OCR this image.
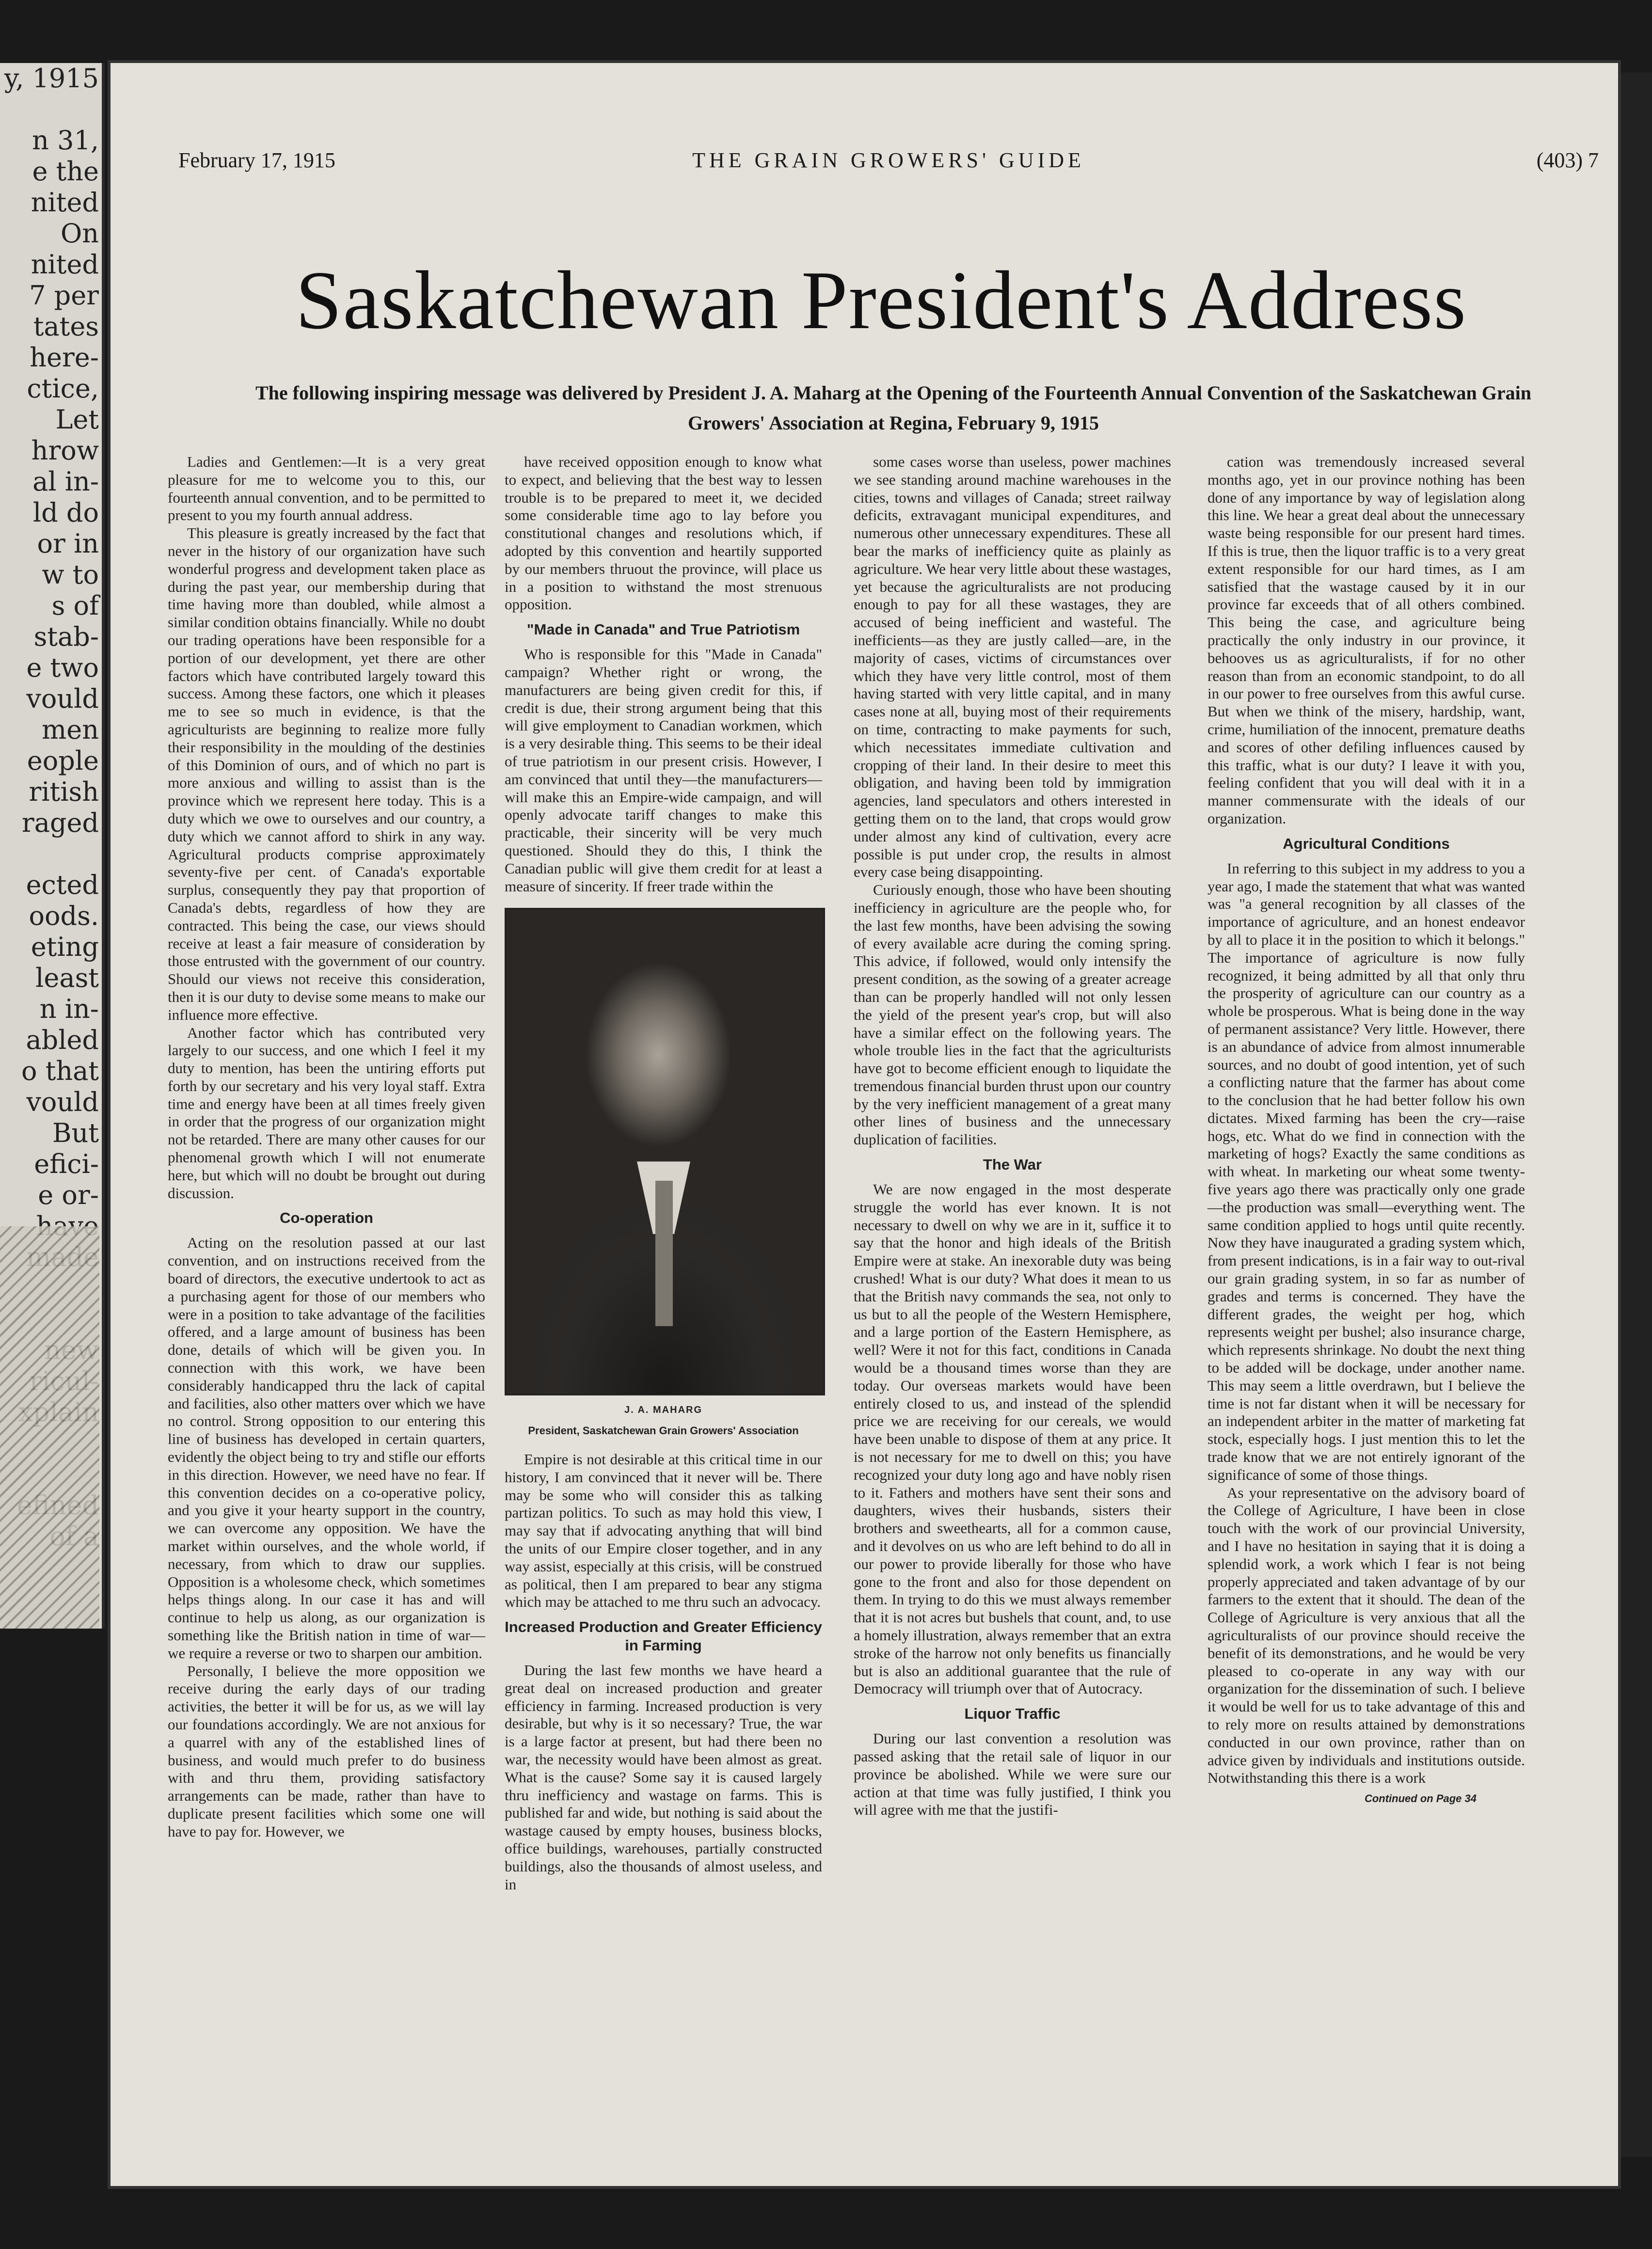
y, 1915

n 31,
e the
nited
On
nited
7 per
tates
here-
ctice,
Let
hrow
al in-
ld do
or in
w to
s of
stab-
e two
vould
men
eople
ritish
raged

ected
oods.
eting
least
n in-
abled
o that
vould
But
efici-
e or-

February 17, 1915	THE GRAIN GROWERS' GUIDE	(403) 7
Saskatchewan President's Address
The following inspiring message was delivered by President J. A. Maharg at the Opening of the Fourteenth Annual Convention of the Saskatchewan Grain Growers' Association at Regina, February 9, 1915

Ladies and Gentlemen:—It is a very great pleasure for me to welcome you to this, our fourteenth annual convention, and to be permitted to present to you my fourth annual address.

This pleasure is greatly increased by the fact that never in the history of our organization have such wonderful progress and development taken place as during the past year, our membership during that time having more than doubled, while almost a similar condition obtains financially. While no doubt our trading operations have been responsible for a portion of our development, yet there are other factors which have contributed largely toward this success. Among these factors, one which it pleases me to see so much in evidence, is that the agriculturists are beginning to realize more fully their responsibility in the moulding of the destinies of this Dominion of ours, and of which no part is more anxious and willing to assist than is the province which we represent here today. This is a duty which we owe to ourselves and our country, a duty which we cannot afford to shirk in any way. Agricultural products comprise approximately seventy-five per cent. of Canada's exportable surplus, consequently they pay that proportion of Canada's debts, regardless of how they are contracted. This being the case, our views should receive at least a fair measure of consideration by those entrusted with the government of our country. Should our views not receive this consideration, then it is our duty to devise some means to make our influence more effective.

Another factor which has contributed very largely to our success, and one which I feel it my duty to mention, has been the untiring efforts put forth by our secretary and his very loyal staff. Extra time and energy have been at all times freely given in order that the progress of our organization might not be retarded. There are many other causes for our phenomenal growth which I will not enumerate here, but which will no doubt be brought out during discussion.

Co-operation

Acting on the resolution passed at our last convention, and on instructions received from the board of directors, the executive undertook to act as a purchasing agent for those of our members who were in a position to take advantage of the facilities offered, and a large amount of business has been done, details of which will be given you. In connection with this work, we have been considerably handicapped thru the lack of capital and facilities, also other matters over which we have no control. Strong opposition to our entering this line of business has developed in certain quarters, evidently the object being to try and stifle our efforts in this direction. However, we need have no fear. If this convention decides on a co-operative policy, and you give it your hearty support in the country, we can overcome any opposition. We have the market within ourselves, and the whole world, if necessary, from which to draw our supplies. Opposition is a wholesome check, which sometimes helps things along. In our case it has and will continue to help us along, as our organization is something like the British nation in time of war—we require a reverse or two to sharpen our ambition.

Personally, I believe the more opposition we receive during the early days of our trading activities, the better it will be for us, as we will lay our foundations accordingly. We are not anxious for a quarrel with any of the established lines of business, and would much prefer to do business with and thru them, providing satisfactory arrangements can be made, rather than have to duplicate present facilities which some one will have to pay for. However, we

have received opposition enough to know what to expect, and believing that the best way to lessen trouble is to be prepared to meet it, we decided some considerable time ago to lay before you constitutional changes and resolutions which, if adopted by this convention and heartily supported by our members thruout the province, will place us in a position to withstand the most strenuous opposition.

"Made in Canada" and True Patriotism

Who is responsible for this "Made in Canada" campaign? Whether right or wrong, the manufacturers are being given credit for this, if credit is due, their strong argument being that this will give employment to Canadian workmen, which is a very desirable thing. This seems to be their ideal of true patriotism in our present crisis. However, I am convinced that until they—the manufacturers—will make this an Empire-wide campaign, and will openly advocate tariff changes to make this practicable, their sincerity will be very much questioned. Should they do this, I think the Canadian public will give them credit for at least a measure of sincerity. If freer trade within the

J. A. MAHARG
President, Saskatchewan Grain Growers' Association

Empire is not desirable at this critical time in our history, I am convinced that it never will be. There may be some who will consider this as talking partizan politics. To such as may hold this view, I may say that if advocating anything that will bind the units of our Empire closer together, and in any way assist, especially at this crisis, will be construed as political, then I am prepared to bear any stigma which may be attached to me thru such an advocacy.

Increased Production and Greater Efficiency in Farming

During the last few months we have heard a great deal on increased production and greater efficiency in farming. Increased production is very desirable, but why is it so necessary? True, the war is a large factor at present, but had there been no war, the necessity would have been almost as great. What is the cause? Some say it is caused largely thru inefficiency and wastage on farms. This is published far and wide, but nothing is said about the wastage caused by empty houses, business blocks, office buildings, warehouses, partially constructed buildings, also the thousands of almost useless, and in

some cases worse than useless, power machines we see standing around machine warehouses in the cities, towns and villages of Canada; street railway deficits, extravagant municipal expenditures, and numerous other unnecessary expenditures. These all bear the marks of inefficiency quite as plainly as agriculture. We hear very little about these wastages, yet because the agriculturalists are not producing enough to pay for all these wastages, they are accused of being inefficient and wasteful. The inefficients—as they are justly called—are, in the majority of cases, victims of circumstances over which they have very little control, most of them having started with very little capital, and in many cases none at all, buying most of their requirements on time, contracting to make payments for such, which necessitates immediate cultivation and cropping of their land. In their desire to meet this obligation, and having been told by immigration agencies, land speculators and others interested in getting them on to the land, that crops would grow under almost any kind of cultivation, every acre possible is put under crop, the results in almost every case being disappointing.

Curiously enough, those who have been shouting inefficiency in agriculture are the people who, for the last few months, have been advising the sowing of every available acre during the coming spring. This advice, if followed, would only intensify the present condition, as the sowing of a greater acreage than can be properly handled will not only lessen the yield of the present year's crop, but will also have a similar effect on the following years. The whole trouble lies in the fact that the agriculturists have got to become efficient enough to liquidate the tremendous financial burden thrust upon our country by the very inefficient management of a great many other lines of business and the unnecessary duplication of facilities.

The War

We are now engaged in the most desperate struggle the world has ever known. It is not necessary to dwell on why we are in it, suffice it to say that the honor and high ideals of the British Empire were at stake. An inexorable duty was being crushed! What is our duty? What does it mean to us that the British navy commands the sea, not only to us but to all the people of the Western Hemisphere, and a large portion of the Eastern Hemisphere, as well? Were it not for this fact, conditions in Canada would be a thousand times worse than they are today. Our overseas markets would have been entirely closed to us, and instead of the splendid price we are receiving for our cereals, we would have been unable to dispose of them at any price. It is not necessary for me to dwell on this; you have recognized your duty long ago and have nobly risen to it. Fathers and mothers have sent their sons and daughters, wives their husbands, sisters their brothers and sweethearts, all for a common cause, and it devolves on us who are left behind to do all in our power to provide liberally for those who have gone to the front and also for those dependent on them. In trying to do this we must always remember that it is not acres but bushels that count, and, to use a homely illustration, always remember that an extra stroke of the harrow not only benefits us financially but is also an additional guarantee that the rule of Democracy will triumph over that of Autocracy.

Liquor Traffic

During our last convention a resolution was passed asking that the retail sale of liquor in our province be abolished. While we were sure our action at that time was fully justified, I think you will agree with me that the justifi-

cation was tremendously increased several months ago, yet in our province nothing has been done of any importance by way of legislation along this line. We hear a great deal about the unnecessary waste being responsible for our present hard times. If this is true, then the liquor traffic is to a very great extent responsible for our hard times, as I am satisfied that the wastage caused by it in our province far exceeds that of all others combined. This being the case, and agriculture being practically the only industry in our province, it behooves us as agriculturalists, if for no other reason than from an economic standpoint, to do all in our power to free ourselves from this awful curse. But when we think of the misery, hardship, want, crime, humiliation of the innocent, premature deaths and scores of other defiling influences caused by this traffic, what is our duty? I leave it with you, feeling confident that you will deal with it in a manner commensurate with the ideals of our organization.

Agricultural Conditions

In referring to this subject in my address to you a year ago, I made the statement that what was wanted was "a general recognition by all classes of the importance of agriculture, and an honest endeavor by all to place it in the position to which it belongs." The importance of agriculture is now fully recognized, it being admitted by all that only thru the prosperity of agriculture can our country as a whole be prosperous. What is being done in the way of permanent assistance? Very little. However, there is an abundance of advice from almost innumerable sources, and no doubt of good intention, yet of such a conflicting nature that the farmer has about come to the conclusion that he had better follow his own dictates. Mixed farming has been the cry—raise hogs, etc. What do we find in connection with the marketing of hogs? Exactly the same conditions as with wheat. In marketing our wheat some twenty-five years ago there was practically only one grade—the production was small—everything went. The same condition applied to hogs until quite recently. Now they have inaugurated a grading system which, from present indications, is in a fair way to out-rival our grain grading system, in so far as number of grades and terms is concerned. They have the different grades, the weight per hog, which represents weight per bushel; also insurance charge, which represents shrinkage. No doubt the next thing to be added will be dockage, under another name. This may seem a little overdrawn, but I believe the time is not far distant when it will be necessary for an independent arbiter in the matter of marketing fat stock, especially hogs. I just mention this to let the trade know that we are not entirely ignorant of the significance of some of those things.

As your representative on the advisory board of the College of Agriculture, I have been in close touch with the work of our provincial University, and I have no hesitation in saying that it is doing a splendid work, a work which I fear is not being properly appreciated and taken advantage of by our farmers to the extent that it should. The dean of the College of Agriculture is very anxious that all the agriculturalists of our province should receive the benefit of its demonstrations, and he would be very pleased to co-operate in any way with our organization for the dissemination of such. I believe it would be well for us to take advantage of this and to rely more on results attained by demonstrations conducted in our own province, rather than on advice given by individuals and institutions outside. Notwithstanding this there is a work

Continued on Page 34
